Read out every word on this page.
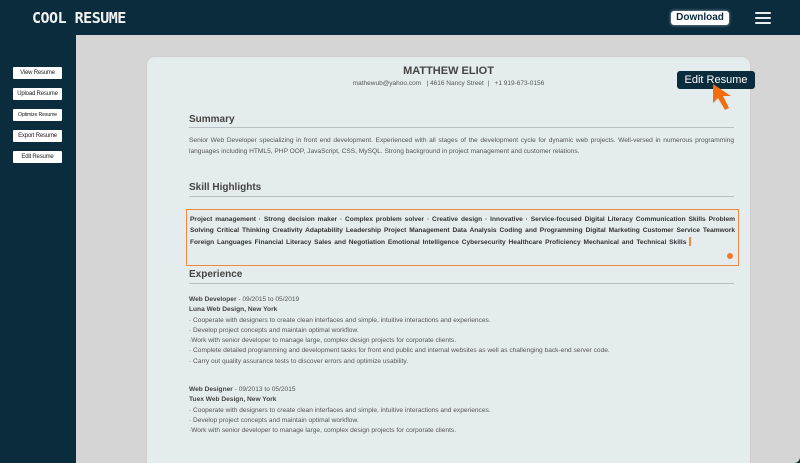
COOL RESUME	Download
View Resume
Upload Resume
Optimize Resume
Export Resume
Edit Resume
MATTHEW ELIOT
mathewub@yahoo.com   | 4616 Nancy Street  |   +1 919-673-0156	Edit Resume
Summary
Senior Web Developer specializing in front end development. Experienced with all stages of the development cycle for dynamic web projects. Well-versed in numerous programming languages including HTML5, PHP OOP, JavaScript, CSS, MySQL. Strong background in project management and customer relations.
Skill Highlights
Project management · Strong decision maker · Complex problem solver · Creative design · Innovative · Service-focused Digital Literacy Communication Skills Problem Solving Critical Thinking Creativity Adaptability Leadership Project Management Data Analysis Coding and Programming Digital Marketing Customer Service Teamwork Foreign Languages Financial Literacy Sales and Negotiation Emotional Intelligence Cybersecurity Healthcare Proficiency Mechanical and Technical Skills
Experience
Web Developer - 09/2015 to 05/2019
Luna Web Design, New York
· Cooperate with designers to create clean interfaces and simple, intuitive interactions and experiences.
· Develop project concepts and maintain optimal workflow.
·Work with senior developer to manage large, complex design projects for corporate clients.
· Complete detailed programming and development tasks for front end public and internal websites as well as challenging back-end server code.
· Carry out quality assurance tests to discover errors and optimize usability.
Web Designer - 09/2013 to 05/2015
Tuex Web Design, New York
· Cooperate with designers to create clean interfaces and simple, intuitive interactions and experiences.
· Develop project concepts and maintain optimal workflow.
·Work with senior developer to manage large, complex design projects for corporate clients.
